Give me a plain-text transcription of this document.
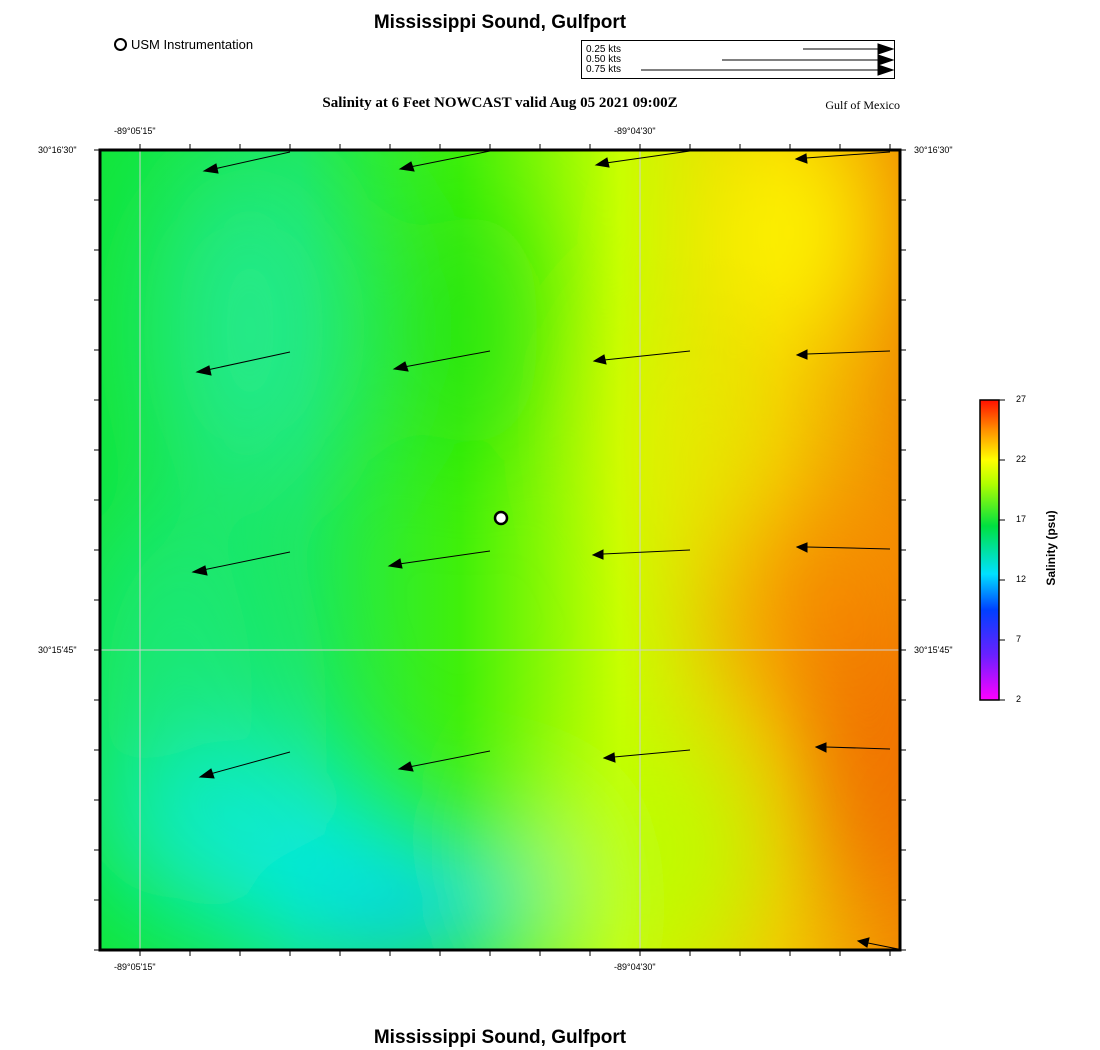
Mississippi Sound, Gulfport
USM Instrumentation	0.25 kts
0.50 kts
0.75 kts
Salinity at 6 Feet NOWCAST valid Aug 05 2021 09:00Z	Gulf of Mexico
-89°05'15"	-89°04'30"
-89°05'15"	-89°04'30"
30°16'30"
30°15'45"
30°16'30"
30°15'45"
27
22
17
12
7
2
Salinity (psu)
Mississippi Sound, Gulfport
